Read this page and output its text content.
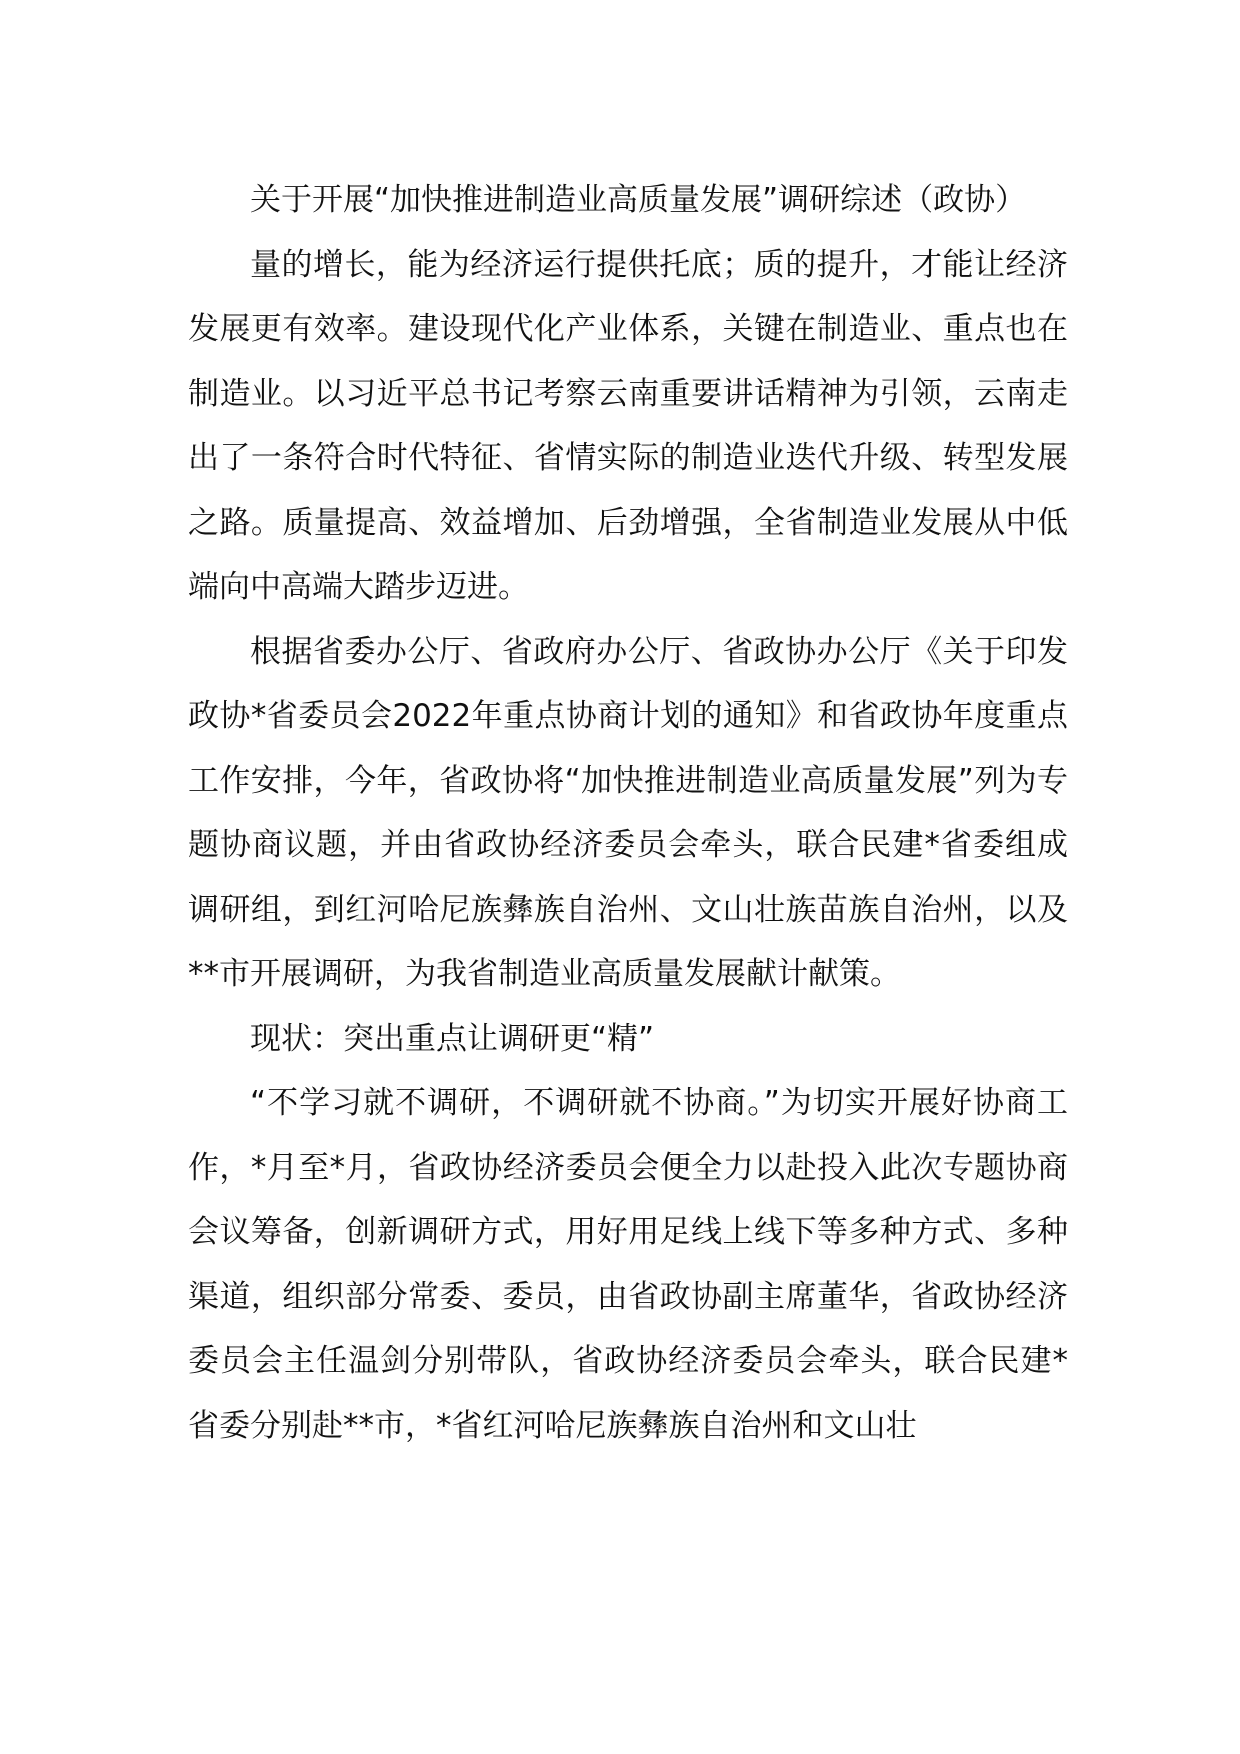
关于开展“加快推进制造业高质量发展”调研综述（政协）

量的增长，能为经济运行提供托底；质的提升，才能让经济发展更有效率。建设现代化产业体系，关键在制造业、重点也在制造业。以习近平总书记考察云南重要讲话精神为引领，云南走出了一条符合时代特征、省情实际的制造业迭代升级、转型发展之路。质量提高、效益增加、后劲增强，全省制造业发展从中低端向中高端大踏步迈进。

根据省委办公厅、省政府办公厅、省政协办公厅《关于印发政协*省委员会2022年重点协商计划的通知》和省政协年度重点工作安排，今年，省政协将“加快推进制造业高质量发展”列为专题协商议题，并由省政协经济委员会牵头，联合民建*省委组成调研组，到红河哈尼族彝族自治州、文山壮族苗族自治州，以及**市开展调研，为我省制造业高质量发展献计献策。

现状：突出重点让调研更“精”

“不学习就不调研，不调研就不协商。”为切实开展好协商工作，*月至*月，省政协经济委员会便全力以赴投入此次专题协商会议筹备，创新调研方式，用好用足线上线下等多种方式、多种渠道，组织部分常委、委员，由省政协副主席董华，省政协经济委员会主任温剑分别带队，省政协经济委员会牵头，联合民建*省委分别赴**市，*省红河哈尼族彝族自治州和文山壮
